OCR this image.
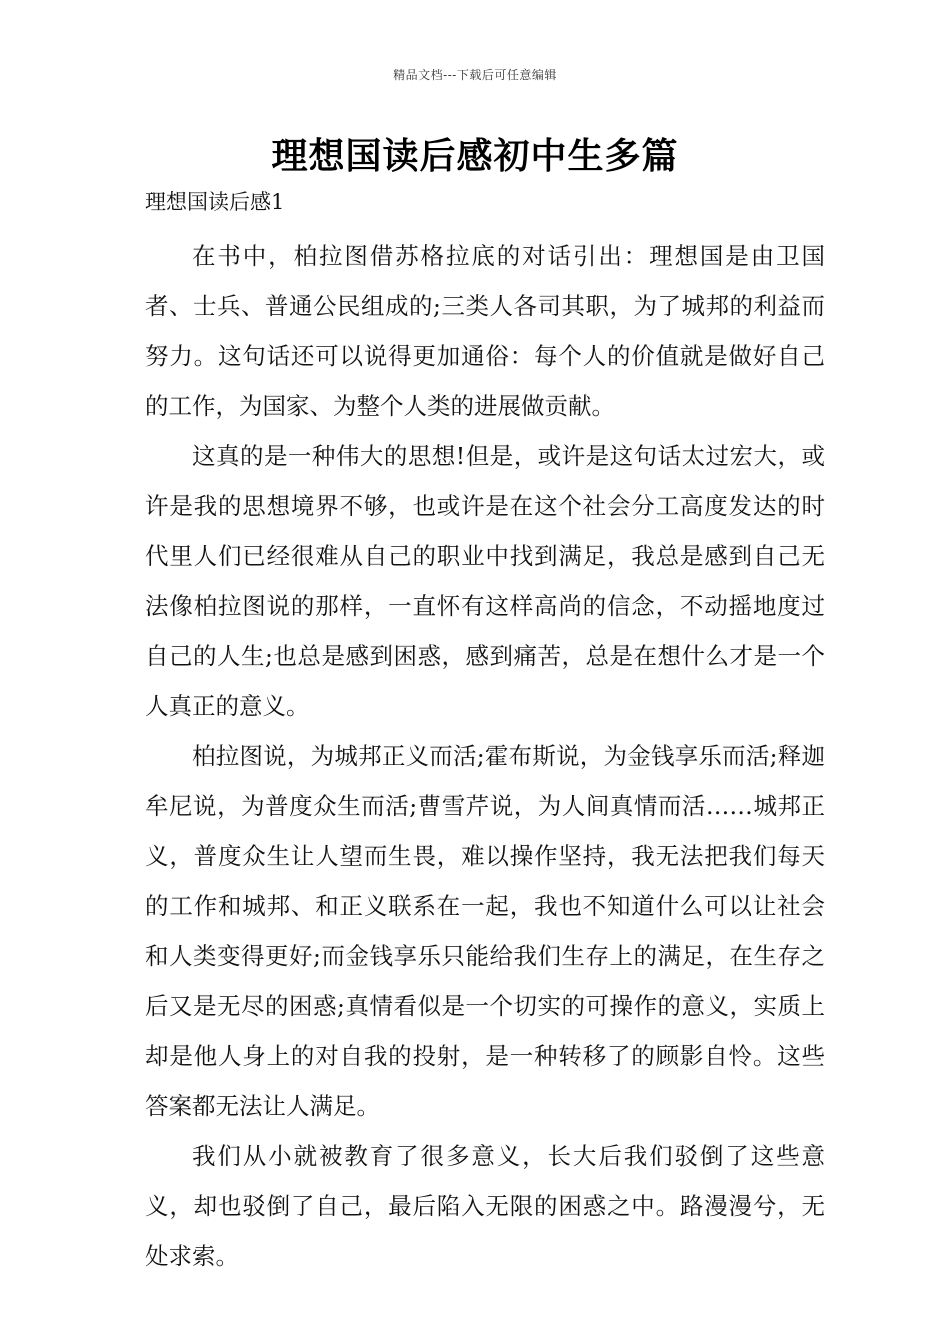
精品文档---下载后可任意编辑
理想国读后感初中生多篇
理想国读后感1

在书中，柏拉图借苏格拉底的对话引出：理想国是由卫国者、士兵、普通公民组成的;三类人各司其职，为了城邦的利益而努力。这句话还可以说得更加通俗：每个人的价值就是做好自己的工作，为国家、为整个人类的进展做贡献。

这真的是一种伟大的思想!但是，或许是这句话太过宏大，或许是我的思想境界不够，也或许是在这个社会分工高度发达的时代里人们已经很难从自己的职业中找到满足，我总是感到自己无法像柏拉图说的那样，一直怀有这样高尚的信念，不动摇地度过自己的人生;也总是感到困惑，感到痛苦，总是在想什么才是一个人真正的意义。

柏拉图说，为城邦正义而活;霍布斯说，为金钱享乐而活;释迦牟尼说，为普度众生而活;曹雪芹说，为人间真情而活……城邦正义，普度众生让人望而生畏，难以操作坚持，我无法把我们每天的工作和城邦、和正义联系在一起，我也不知道什么可以让社会和人类变得更好;而金钱享乐只能给我们生存上的满足，在生存之后又是无尽的困惑;真情看似是一个切实的可操作的意义，实质上却是他人身上的对自我的投射，是一种转移了的顾影自怜。这些答案都无法让人满足。

我们从小就被教育了很多意义，长大后我们驳倒了这些意义，却也驳倒了自己，最后陷入无限的困惑之中。路漫漫兮，无处求索。
